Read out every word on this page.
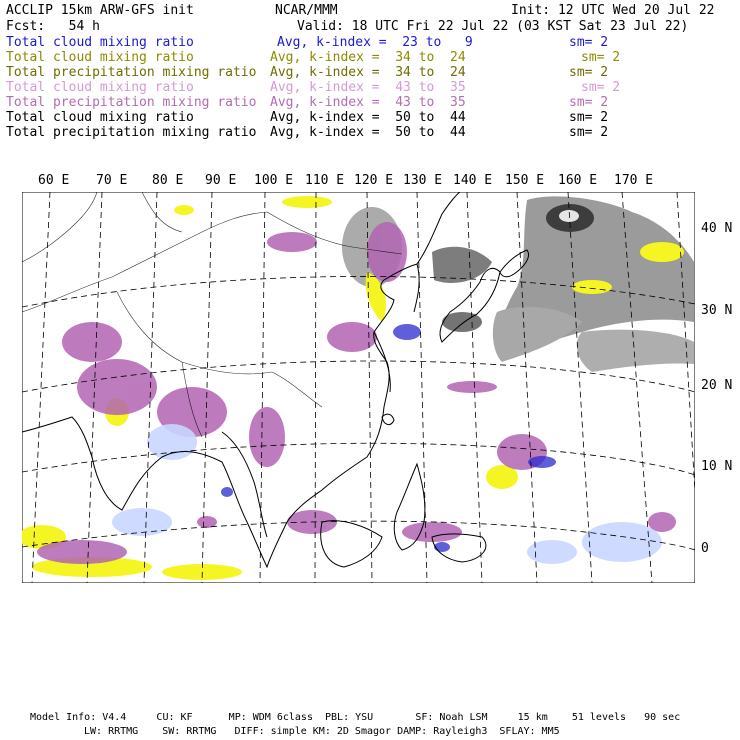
ACCLIP 15km ARW-GFS init	NCAR/MMM	Init: 12 UTC Wed 20 Jul 22
Fcst:   54 h	Valid: 18 UTC Fri 22 Jul 22 (03 KST Sat 23 Jul 22)
Total cloud mixing ratio	Avg, k-index =  23 to   9	sm= 2
Total cloud mixing ratio	Avg, k-index =  34 to  24	sm= 2
Total precipitation mixing ratio Avg, k-index =  34 to  24	sm= 2
Total cloud mixing ratio	Avg, k-index =  43 to  35	sm= 2
Total precipitation mixing ratio Avg, k-index =  43 to  35	sm= 2
Total cloud mixing ratio	Avg, k-index =  50 to  44	sm= 2
Total precipitation mixing ratio Avg, k-index =  50 to  44	sm= 2
60 E 70 E 80 E 90 E 100 E 110 E 120 E 130 E 140 E 150 E 160 E 170 E
40 N
30 N
20 N
10 N
0
Model Info: V4.4     CU: KF      MP: WDM 6class  PBL: YSU       SF: Noah LSM     15 km    51 levels   90 sec
LW: RRTMG    SW: RRTMG   DIFF: simple KM: 2D Smagor DAMP: Rayleigh3  SFLAY: MM5
